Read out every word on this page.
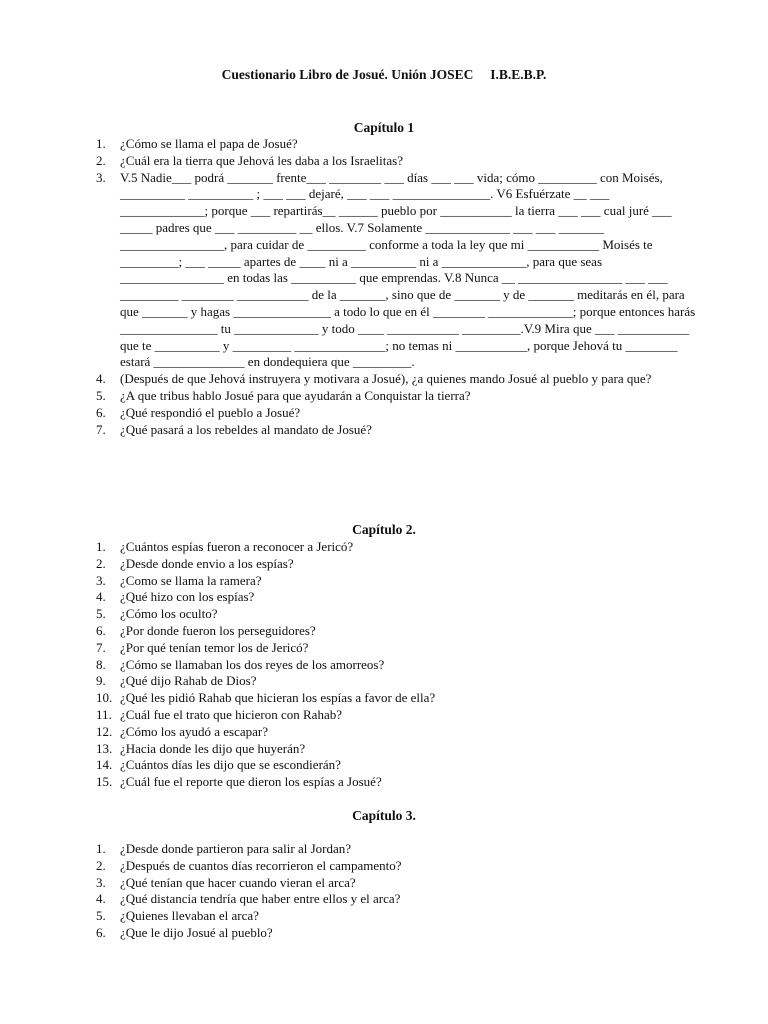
Cuestionario Libro de Josué. Unión JOSEC     I.B.E.B.P.
Capítulo 1
1.	¿Cómo se llama el papa de Josué?
2.	¿Cuál era la tierra que Jehová les daba a los Israelitas?
3.	V.5 Nadie___ podrá _______ frente___ ________ ___ días ___ ___ vida; cómo _________ con Moisés, __________ __________ ; ___ ___ dejaré, ___ ___ _______________. V6 Esfuérzate __ ___ _____________; porque ___ repartirás__ ______ pueblo por ___________ la tierra ___ ___ cual juré ___ _____ padres que ___ _________ __ ellos. V.7 Solamente _____________ ___ ___ _______ ________________, para cuidar de _________ conforme a toda la ley que mi ___________ Moisés te _________; ___ _____ apartes de ____ ni a __________ ni a _____________, para que seas ________________ en todas las __________ que emprendas. V.8 Nunca __ ________________ ___ ___ _________ ________ ___________ de la _______, sino que de _______ y de _______ meditarás en él, para que _______ y hagas _______________ a todo lo que en él ________ _____________; porque entonces harás _______________ tu _____________ y todo ____ ___________ _________.V.9 Mira que ___ ___________ que te __________ y _________ ______________; no temas ni ___________, porque Jehová tu ________ estará ______________ en dondequiera que _________.
4.	(Después de que Jehová instruyera y motivara a Josué), ¿a quienes mando Josué al pueblo y para que?
5.	¿A que tribus hablo Josué para que ayudarán a Conquistar la tierra?
6.	¿Qué respondió el pueblo a Josué?
7.	¿Qué pasará a los rebeldes al mandato de Josué?
Capítulo 2.
1.	¿Cuántos espías fueron a reconocer a Jericó?
2.	¿Desde donde envio a los espías?
3.	¿Como se llama la ramera?
4.	¿Qué hizo con los espías?
5.	¿Cómo los oculto?
6.	¿Por donde fueron los perseguidores?
7.	¿Por qué tenían temor los de Jericó?
8.	¿Cómo se llamaban los dos reyes de los amorreos?
9.	¿Qué dijo Rahab de Dios?
10. ¿Qué les pidió Rahab que hicieran los espías a favor de ella?
11. ¿Cuál fue el trato que hicieron con Rahab?
12. ¿Cómo los ayudó a escapar?
13. ¿Hacia donde les dijo que huyerán?
14. ¿Cuántos días les dijo que se escondierán?
15. ¿Cuál fue el reporte que dieron los espías a Josué?
Capítulo 3.
1.	¿Desde donde partieron para salir al Jordan?
2.	¿Después de cuantos días recorrieron el campamento?
3.	¿Qué tenían que hacer cuando vieran el arca?
4.	¿Qué distancia tendría que haber entre ellos y el arca?
5.	¿Quienes llevaban el arca?
6.	¿Que le dijo Josué al pueblo?
